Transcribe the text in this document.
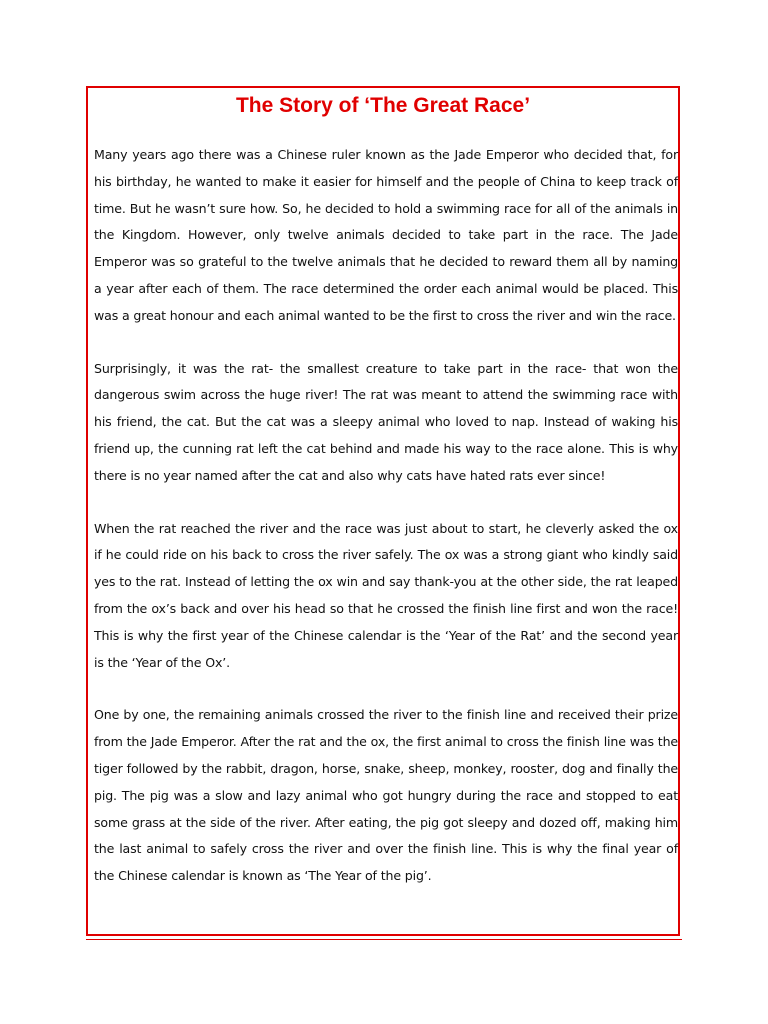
The Story of ‘The Great Race’

Many years ago there was a Chinese ruler known as the Jade Emperor who decided that, for his birthday, he wanted to make it easier for himself and the people of China to keep track of time. But he wasn’t sure how. So, he decided to hold a swimming race for all of the animals in the Kingdom. However, only twelve animals decided to take part in the race. The Jade Emperor was so grateful to the twelve animals that he decided to reward them all by naming a year after each of them. The race determined the order each animal would be placed. This was a great honour and each animal wanted to be the first to cross the river and win the race.

Surprisingly, it was the rat- the smallest creature to take part in the race- that won the dangerous swim across the huge river! The rat was meant to attend the swimming race with his friend, the cat. But the cat was a sleepy animal who loved to nap. Instead of waking his friend up, the cunning rat left the cat behind and made his way to the race alone. This is why there is no year named after the cat and also why cats have hated rats ever since!

When the rat reached the river and the race was just about to start, he cleverly asked the ox if he could ride on his back to cross the river safely. The ox was a strong giant who kindly said yes to the rat. Instead of letting the ox win and say thank-you at the other side, the rat leaped from the ox’s back and over his head so that he crossed the finish line first and won the race! This is why the first year of the Chinese calendar is the ‘Year of the Rat’ and the second year is the ‘Year of the Ox’.

One by one, the remaining animals crossed the river to the finish line and received their prize from the Jade Emperor. After the rat and the ox, the first animal to cross the finish line was the tiger followed by the rabbit, dragon, horse, snake, sheep, monkey, rooster, dog and finally the pig. The pig was a slow and lazy animal who got hungry during the race and stopped to eat some grass at the side of the river. After eating, the pig got sleepy and dozed off, making him the last animal to safely cross the river and over the finish line. This is why the final year of the Chinese calendar is known as ‘The Year of the pig’.
